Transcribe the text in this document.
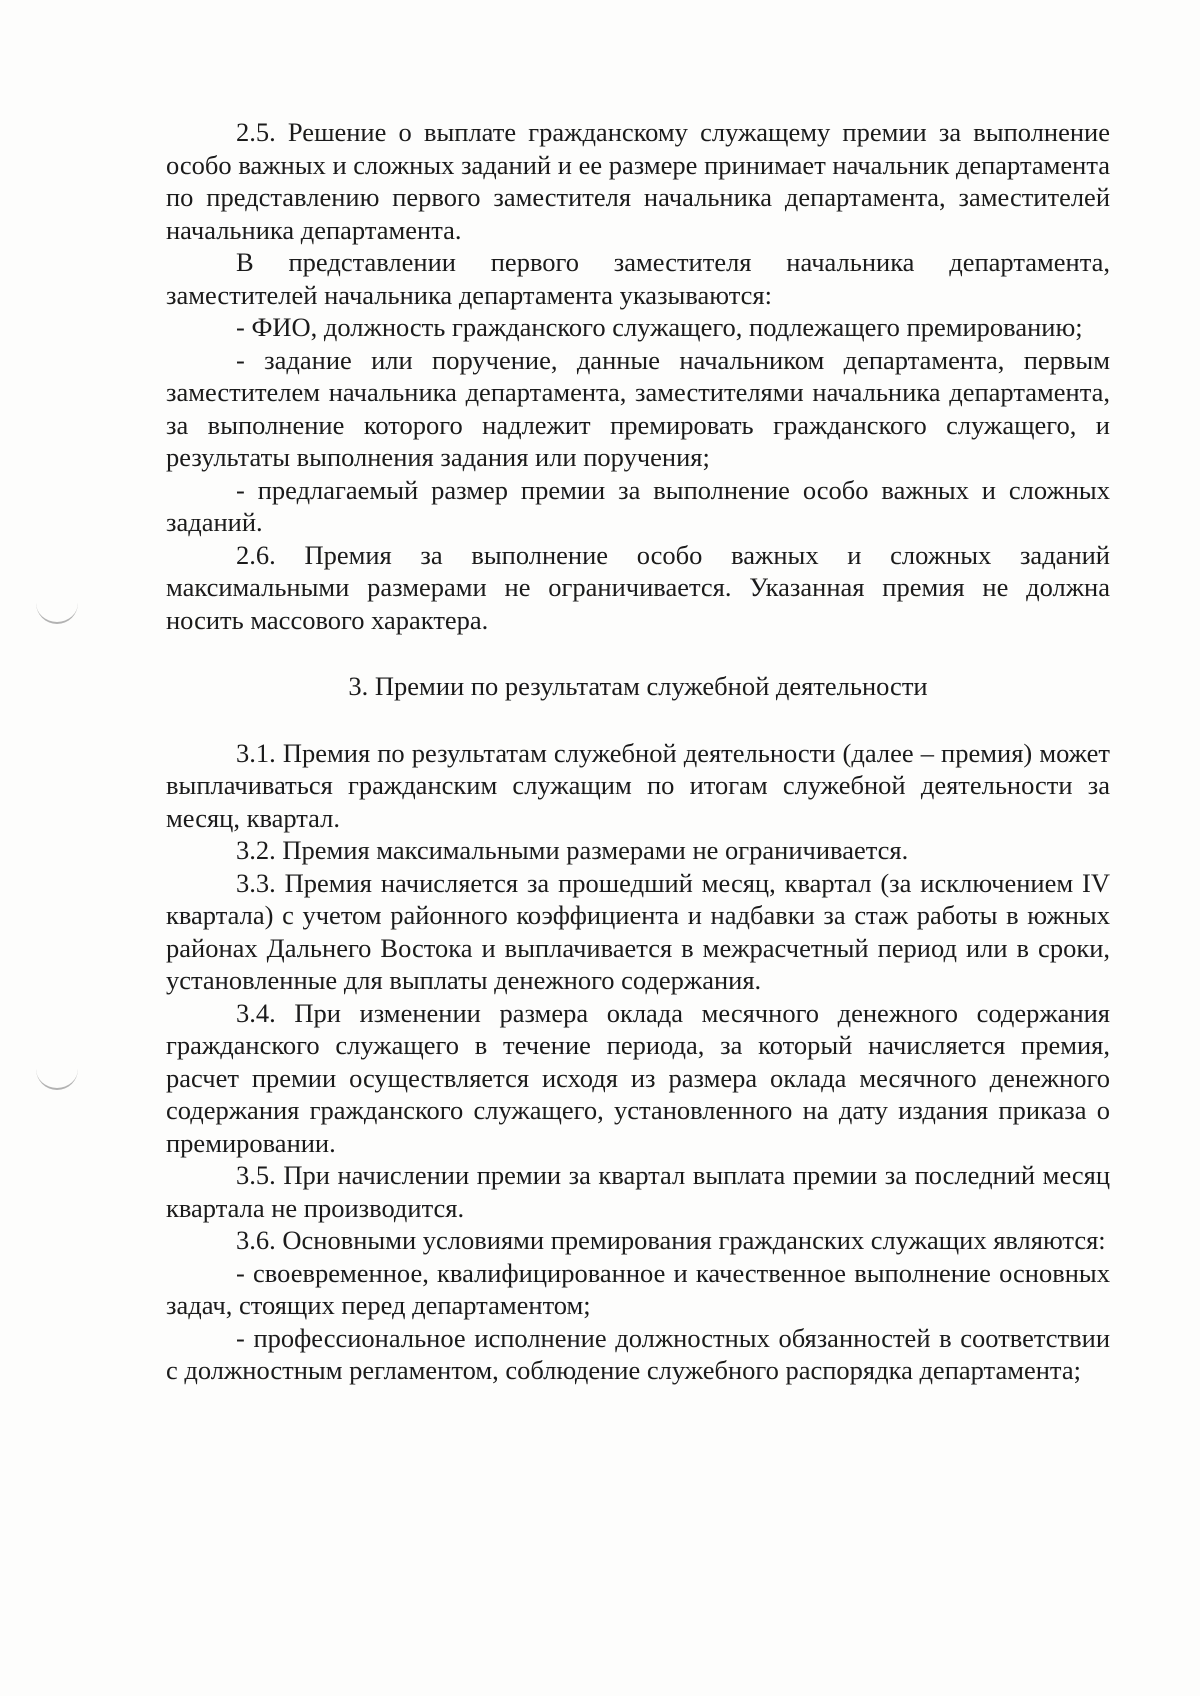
2.5. Решение о выплате гражданскому служащему премии за выполнение особо важных и сложных заданий и ее размере принимает начальник департамента по представлению первого заместителя начальника департамента, заместителей начальника департамента.

В представлении первого заместителя начальника департамента, заместителей начальника департамента указываются:

- ФИО, должность гражданского служащего, подлежащего премированию;

- задание или поручение, данные начальником департамента, первым заместителем начальника департамента, заместителями начальника департамента, за выполнение которого надлежит премировать гражданского служащего, и результаты выполнения задания или поручения;

- предлагаемый размер премии за выполнение особо важных и сложных заданий.

2.6. Премия за выполнение особо важных и сложных заданий максимальными размерами не ограничивается. Указанная премия не должна носить массового характера.

3. Премии по результатам служебной деятельности

3.1. Премия по результатам служебной деятельности (далее – премия) может выплачиваться гражданским служащим по итогам служебной деятельности за месяц, квартал.

3.2. Премия максимальными размерами не ограничивается.

3.3. Премия начисляется за прошедший месяц, квартал (за исключением IV квартала) с учетом районного коэффициента и надбавки за стаж работы в южных районах Дальнего Востока и выплачивается в межрасчетный период или в сроки, установленные для выплаты денежного содержания.

3.4. При изменении размера оклада месячного денежного содержания гражданского служащего в течение периода, за который начисляется премия, расчет премии осуществляется исходя из размера оклада месячного денежного содержания гражданского служащего, установленного на дату издания приказа о премировании.

3.5. При начислении премии за квартал выплата премии за последний месяц квартала не производится.

3.6. Основными условиями премирования гражданских служащих являются:

- своевременное, квалифицированное и качественное выполнение основных задач, стоящих перед департаментом;

- профессиональное исполнение должностных обязанностей в соответствии с должностным регламентом, соблюдение служебного распорядка департамента;
